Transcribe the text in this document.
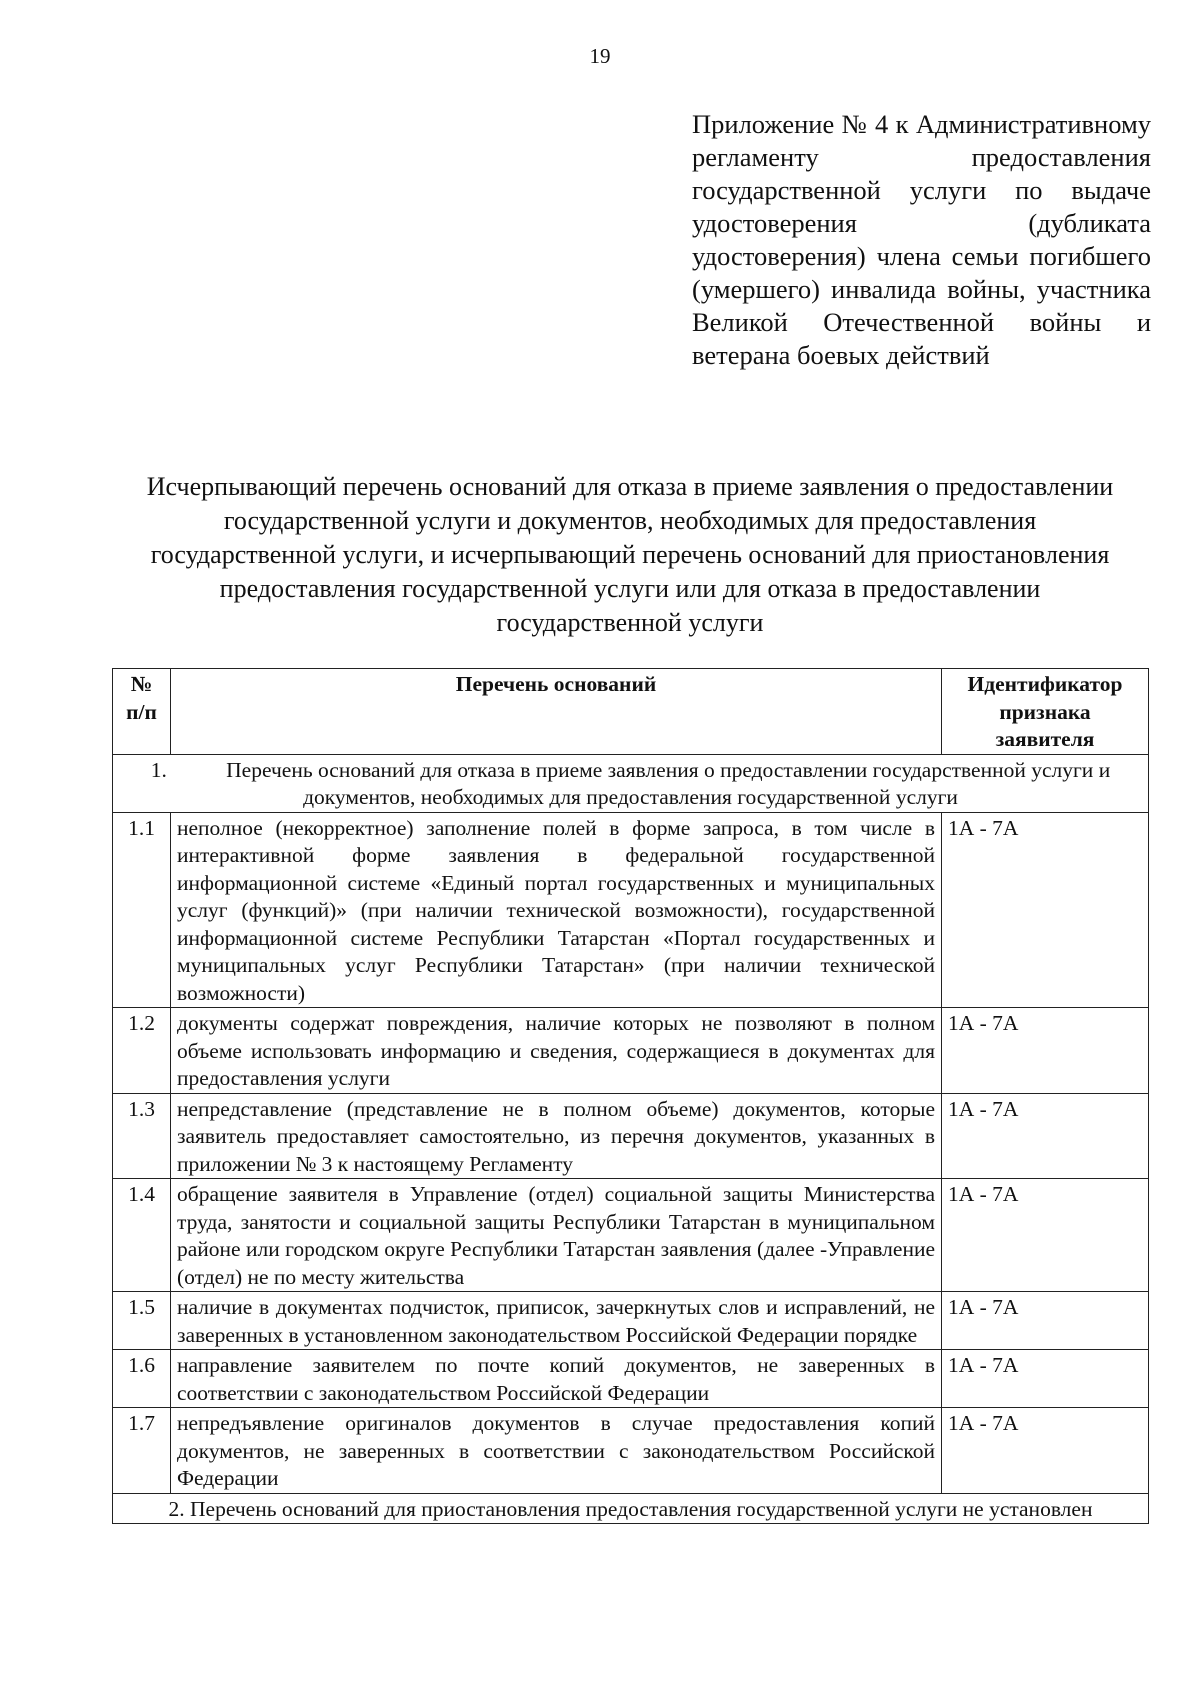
19
Приложение № 4 к Административному регламенту предоставления государственной услуги по выдаче удостоверения (дубликата удостоверения) члена семьи погибшего (умершего) инвалида войны, участника Великой Отечественной войны и ветерана боевых действий
Исчерпывающий перечень оснований для отказа в приеме заявления о предоставлении государственной услуги и документов, необходимых для предоставления государственной услуги, и исчерпывающий перечень оснований для приостановления предоставления государственной услуги или для отказа в предоставлении государственной услуги
№ п/п	Перечень оснований	Идентификатор признака заявителя
1. Перечень оснований для отказа в приеме заявления о предоставлении государственной услуги и документов, необходимых для предоставления государственной услуги		
1.1	неполное (некорректное) заполнение полей в форме запроса, в том числе в интерактивной форме заявления в федеральной государственной информационной системе «Единый портал государственных и муниципальных услуг (функций)» (при наличии технической возможности), государственной информационной системе Республики Татарстан «Портал государственных и муниципальных услуг Республики Татарстан» (при наличии технической возможности)	1А - 7А
1.2	документы содержат повреждения, наличие которых не позволяют в полном объеме использовать информацию и сведения, содержащиеся в документах для предоставления услуги	1А - 7А
1.3	непредставление (представление не в полном объеме) документов, которые заявитель предоставляет самостоятельно, из перечня документов, указанных в приложении № 3 к настоящему Регламенту	1А - 7А
1.4	обращение заявителя в Управление (отдел) социальной защиты Министерства труда, занятости и социальной защиты Республики Татарстан в муниципальном районе или городском округе Республики Татарстан заявления (далее -Управление (отдел) не по месту жительства	1А - 7А
1.5	наличие в документах подчисток, приписок, зачеркнутых слов и исправлений, не заверенных в установленном законодательством Российской Федерации порядке	1А - 7А
1.6	направление заявителем по почте копий документов, не заверенных в соответствии с законодательством Российской Федерации	1А - 7А
1.7	непредъявление оригиналов документов в случае предоставления копий документов, не заверенных в соответствии с законодательством Российской Федерации	1А - 7А
2. Перечень оснований для приостановления предоставления государственной услуги не установлен		
